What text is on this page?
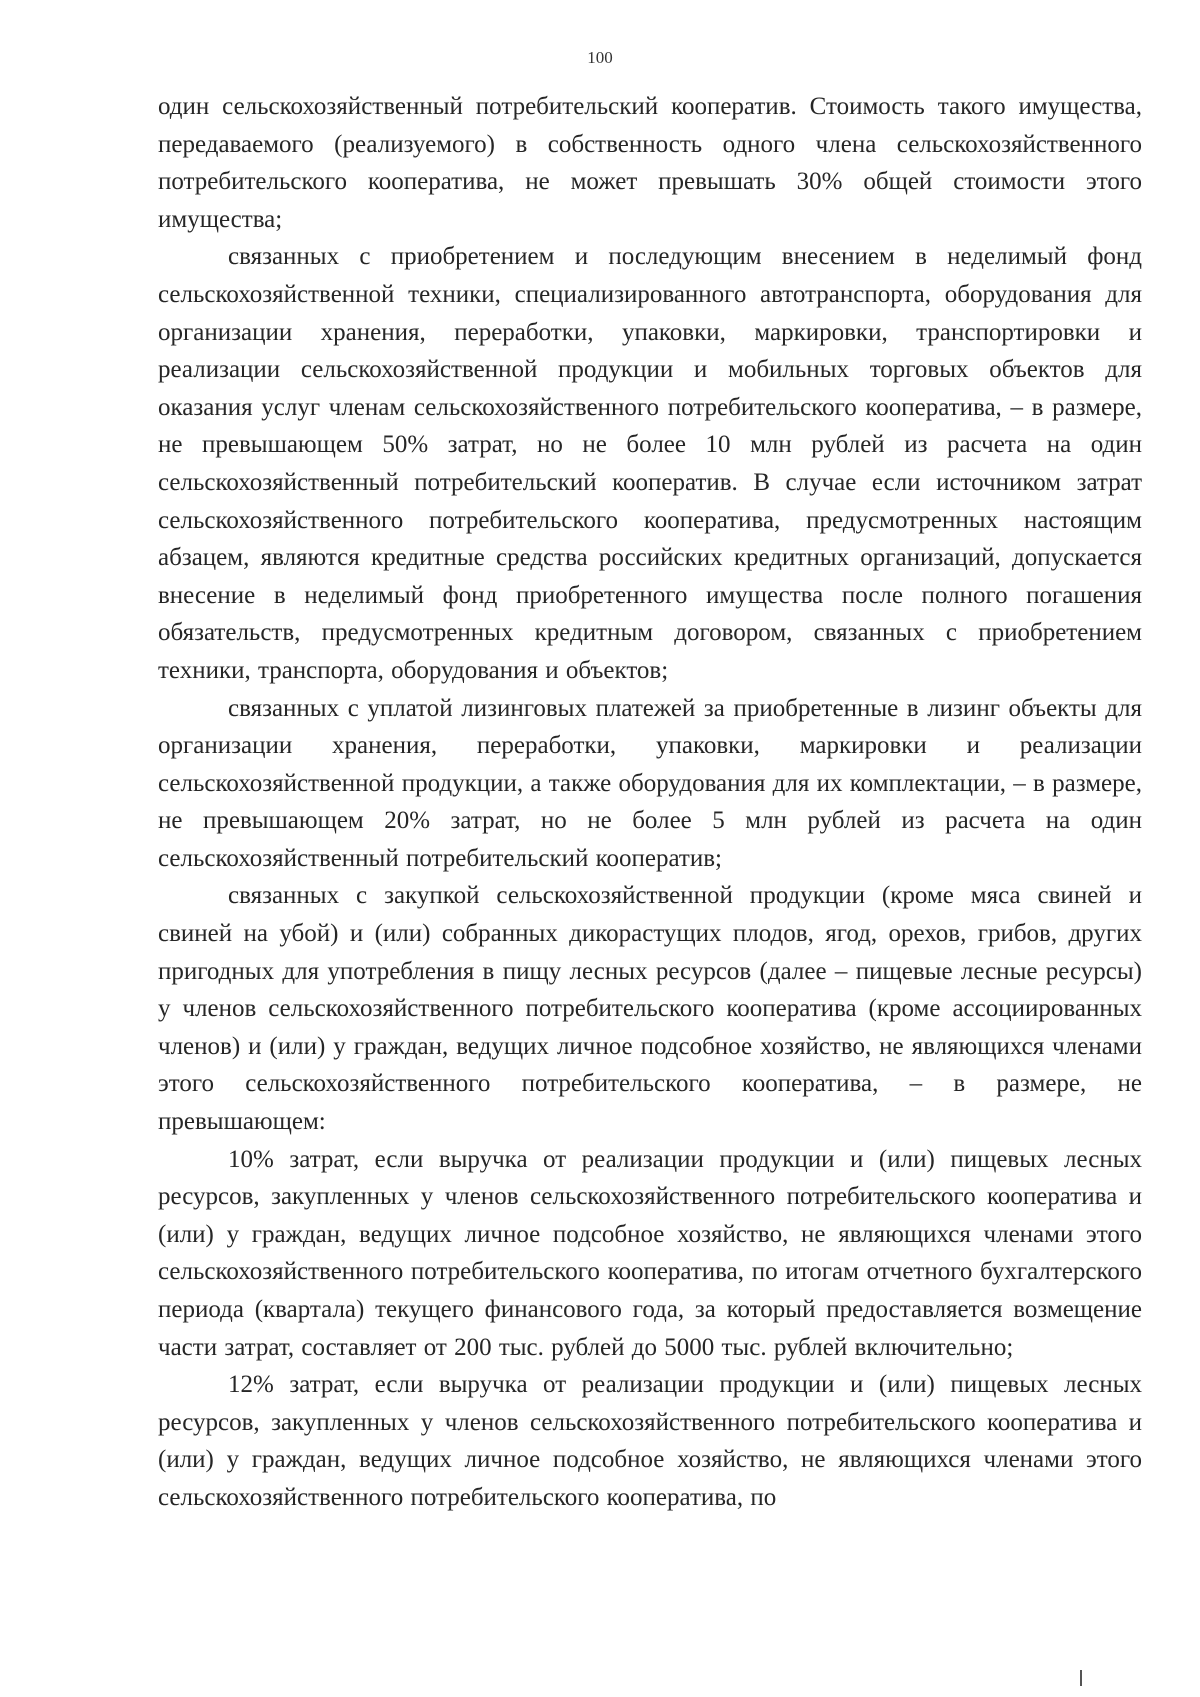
100

один сельскохозяйственный потребительский кооператив. Стоимость такого имущества, передаваемого (реализуемого) в собственность одного члена сельскохозяйственного потребительского кооператива, не может превышать 30% общей стоимости этого имущества;

связанных с приобретением и последующим внесением в неделимый фонд сельскохозяйственной техники, специализированного автотранспорта, оборудования для организации хранения, переработки, упаковки, маркировки, транспортировки и реализации сельскохозяйственной продукции и мобильных торговых объектов для оказания услуг членам сельскохозяйственного потребительского кооператива, – в размере, не превышающем 50% затрат, но не более 10 млн рублей из расчета на один сельскохозяйственный потребительский кооператив. В случае если источником затрат сельскохозяйственного потребительского кооператива, предусмотренных настоящим абзацем, являются кредитные средства российских кредитных организаций, допускается внесение в неделимый фонд приобретенного имущества после полного погашения обязательств, предусмотренных кредитным договором, связанных с приобретением техники, транспорта, оборудования и объектов;

связанных с уплатой лизинговых платежей за приобретенные в лизинг объекты для организации хранения, переработки, упаковки, маркировки и реализации сельскохозяйственной продукции, а также оборудования для их комплектации, – в размере, не превышающем 20% затрат, но не более 5 млн рублей из расчета на один сельскохозяйственный потребительский кооператив;

связанных с закупкой сельскохозяйственной продукции (кроме мяса свиней и свиней на убой) и (или) собранных дикорастущих плодов, ягод, орехов, грибов, других пригодных для употребления в пищу лесных ресурсов (далее – пищевые лесные ресурсы) у членов сельскохозяйственного потребительского кооператива (кроме ассоциированных членов) и (или) у граждан, ведущих личное подсобное хозяйство, не являющихся членами этого сельскохозяйственного потребительского кооператива, – в размере, не превышающем:

10% затрат, если выручка от реализации продукции и (или) пищевых лесных ресурсов, закупленных у членов сельскохозяйственного потребительского кооператива и (или) у граждан, ведущих личное подсобное хозяйство, не являющихся членами этого сельскохозяйственного потребительского кооператива, по итогам отчетного бухгалтерского периода (квартала) текущего финансового года, за который предоставляется возмещение части затрат, составляет от 200 тыс. рублей до 5000 тыс. рублей включительно;

12% затрат, если выручка от реализации продукции и (или) пищевых лесных ресурсов, закупленных у членов сельскохозяйственного потребительского кооператива и (или) у граждан, ведущих личное подсобное хозяйство, не являющихся членами этого сельскохозяйственного потребительского кооператива, по
